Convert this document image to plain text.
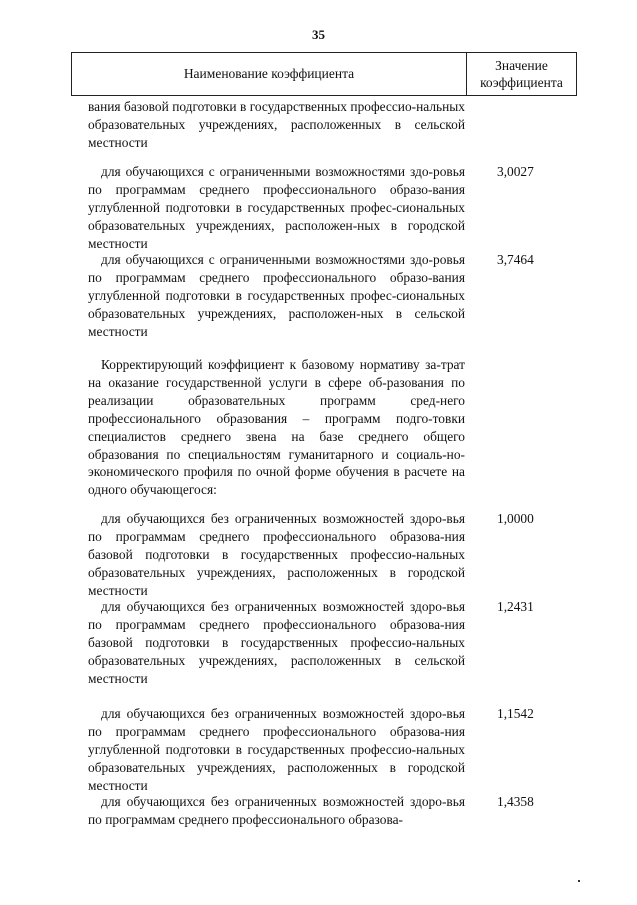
35
Наименование коэффициента
Значение
коэффициента
вания базовой подготовки в государственных профессио-нальных образовательных учреждениях, расположенных в сельской местности
для обучающихся с ограниченными возможностями здо-ровья по программам среднего профессионального образо-вания углубленной подготовки в государственных профес-сиональных образовательных учреждениях, расположен-ных в городской местности
3,0027
для обучающихся с ограниченными возможностями здо-ровья по программам среднего профессионального образо-вания углубленной подготовки в государственных профес-сиональных образовательных учреждениях, расположен-ных в сельской местности
3,7464
Корректирующий коэффициент к базовому нормативу за-трат на оказание государственной услуги в сфере об-разования по реализации образовательных программ сред-него профессионального образования – программ подго-товки специалистов среднего звена на базе среднего общего образования по специальностям гуманитарного и социаль-но-экономического профиля по очной форме обучения в расчете на одного обучающегося:
для обучающихся без ограниченных возможностей здоро-вья по программам среднего профессионального образова-ния базовой подготовки в государственных профессио-нальных образовательных учреждениях, расположенных в городской местности
1,0000
для обучающихся без ограниченных возможностей здоро-вья по программам среднего профессионального образова-ния базовой подготовки в государственных профессио-нальных образовательных учреждениях, расположенных в сельской местности
1,2431
для обучающихся без ограниченных возможностей здоро-вья по программам среднего профессионального образова-ния углубленной подготовки в государственных профессио-нальных образовательных учреждениях, расположенных в городской местности
1,1542
для обучающихся без ограниченных возможностей здоро-вья по программам среднего профессионального образова-
1,4358
